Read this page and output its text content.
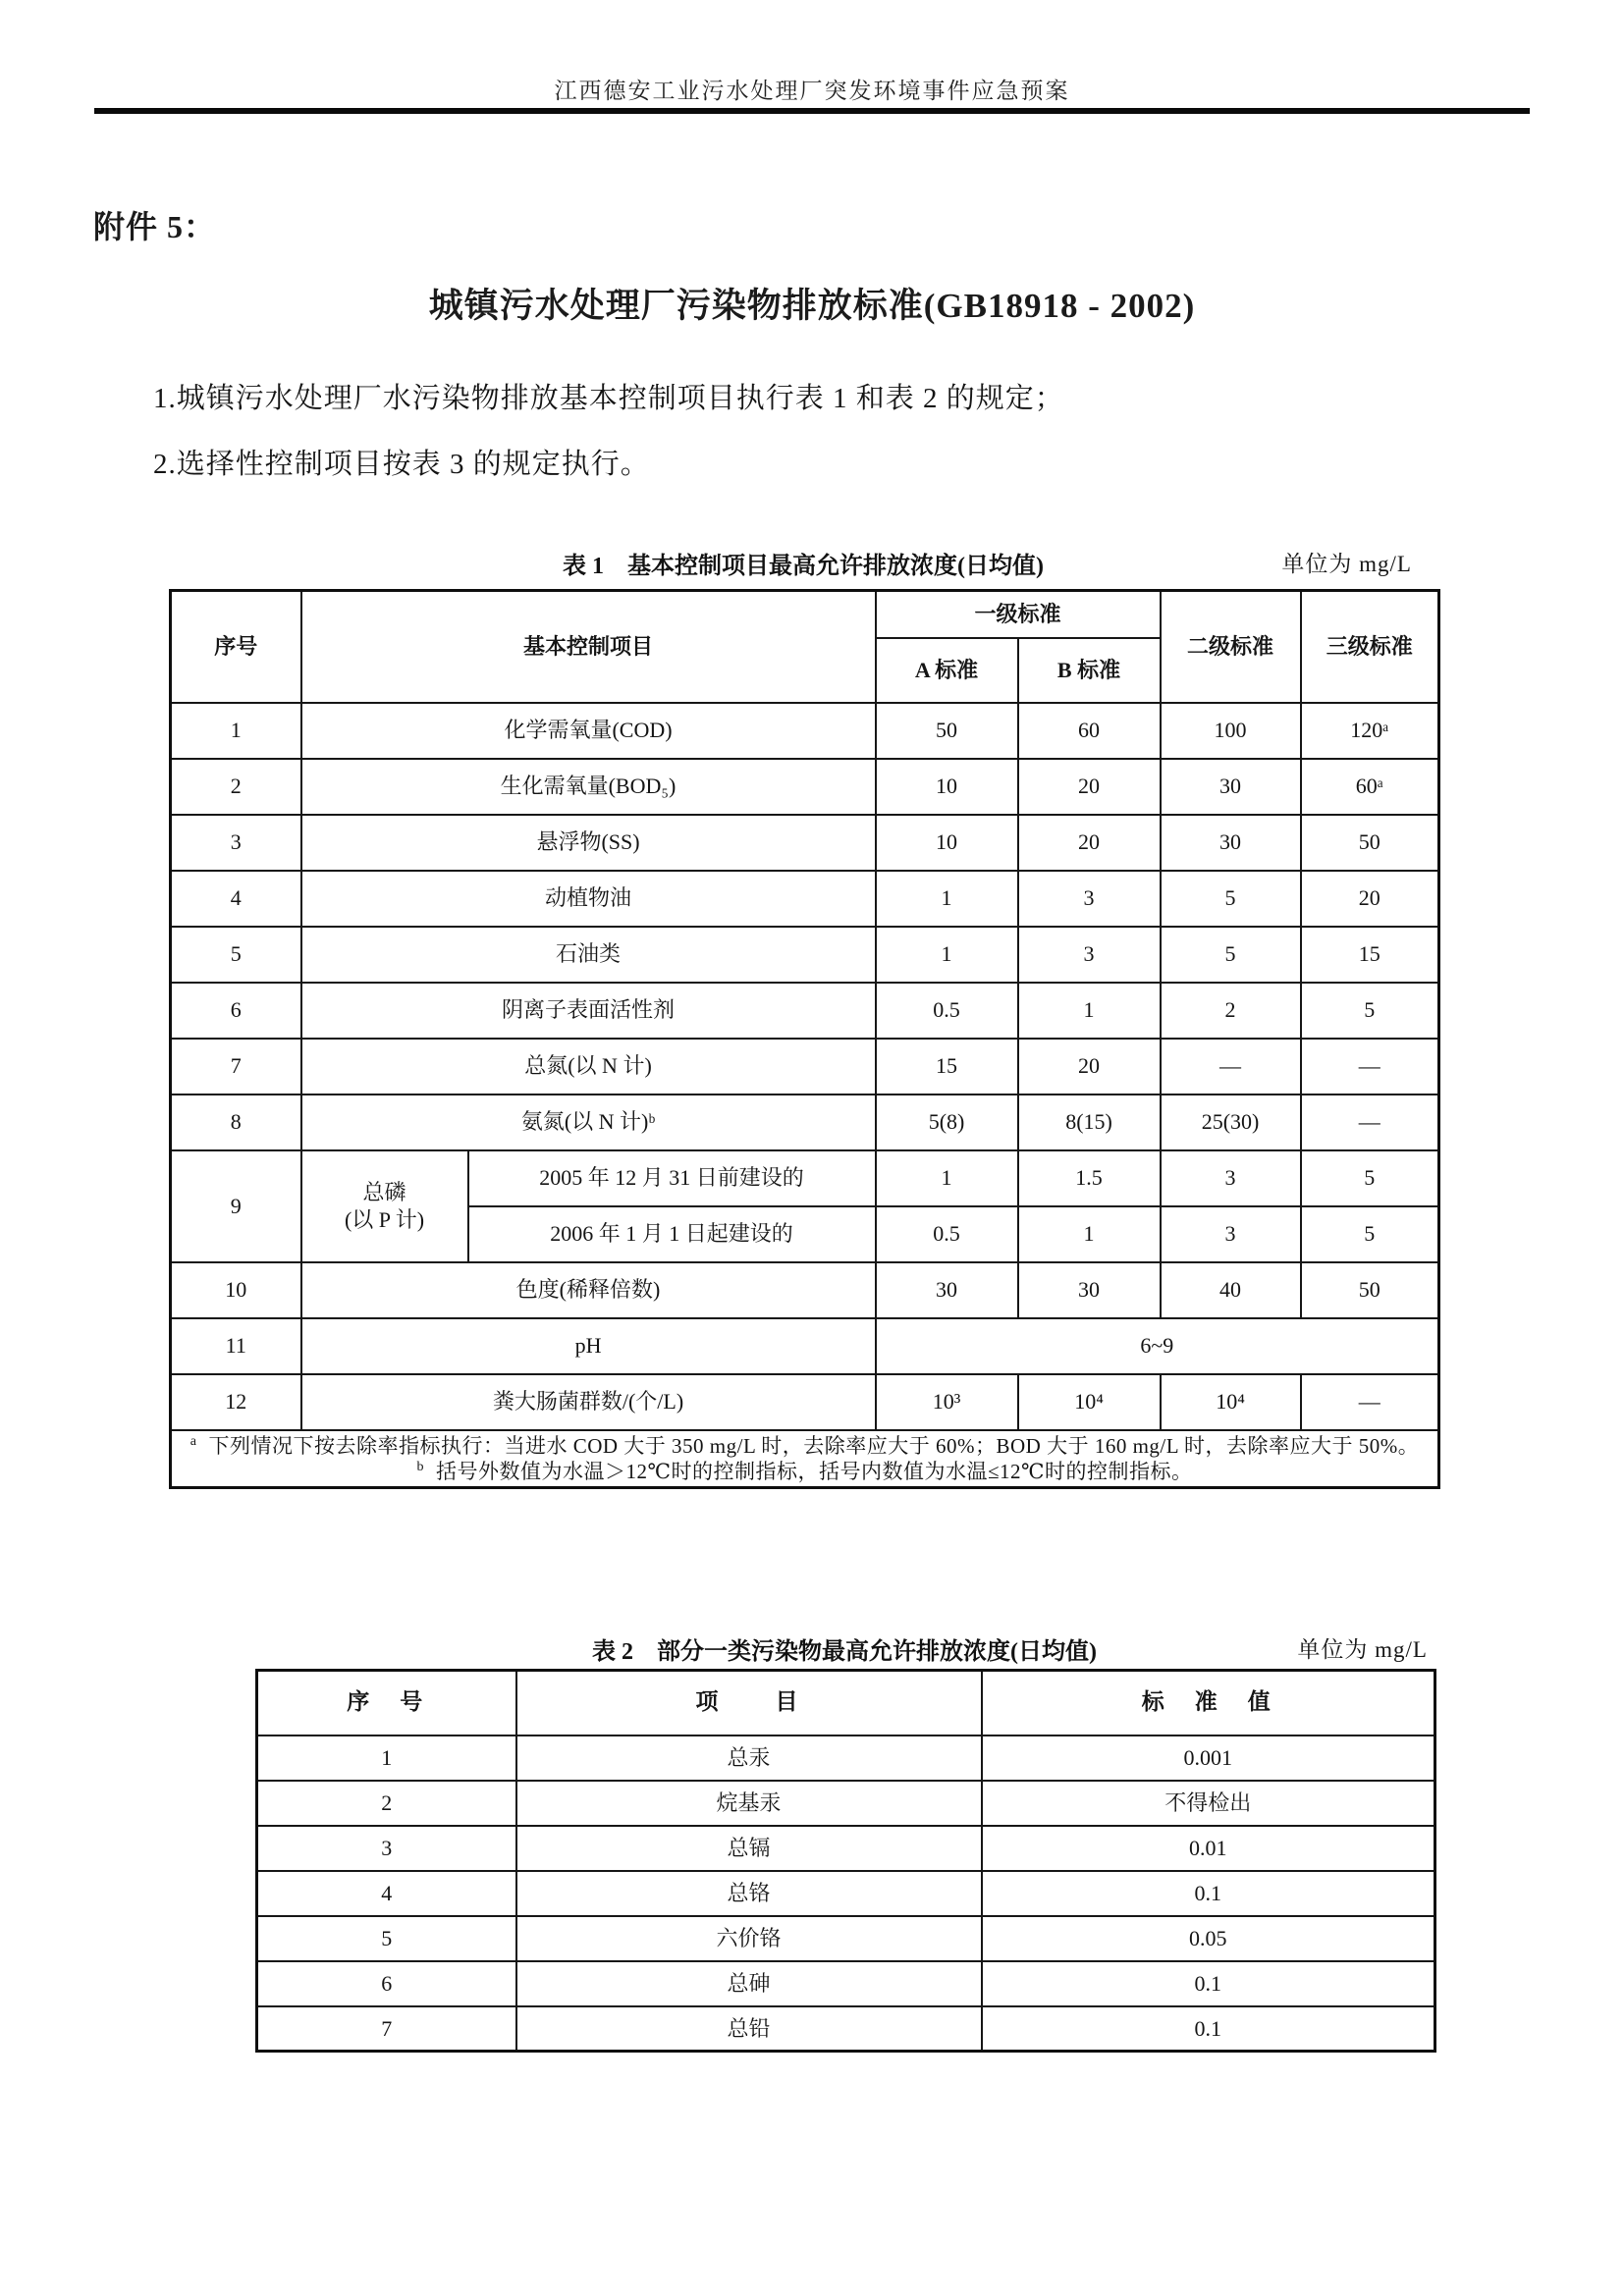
江西德安工业污水处理厂突发环境事件应急预案
附件 5：
城镇污水处理厂污染物排放标准(GB18918 - 2002)
1.城镇污水处理厂水污染物排放基本控制项目执行表 1 和表 2 的规定；
2.选择性控制项目按表 3 的规定执行。
表 1　基本控制项目最高允许排放浓度(日均值)	单位为 mg/L
序号	基本控制项目		一级标准		二级标准	三级标准
			A 标准	B 标准		
1	化学需氧量(COD)		50	60	100	120ᵃ
2	生化需氧量(BOD₅)		10	20	30	60ᵃ
3	悬浮物(SS)		10	20	30	50
4	动植物油		1	3	5	20
5	石油类		1	3	5	15
6	阴离子表面活性剂		0.5	1	2	5
7	总氮(以 N 计)		15	20	—	—
8	氨氮(以 N 计)ᵇ		5(8)	8(15)	25(30)	—
9	总磷
(以 P 计)	2005 年 12 月 31 日前建设的	1	1.5	3	5
		2006 年 1 月 1 日起建设的	0.5	1	3	5
10	色度(稀释倍数)		30	30	40	50
11	pH		6~9			
12	粪大肠菌群数/(个/L)		10³	10⁴	10⁴	—

$^a$ 下列情况下按去除率指标执行：当进水 COD 大于 350 mg/L 时，去除率应大于 60%；BOD 大于 160 mg/L 时，去除率应大于 50%。
$^b$ 括号外数值为水温＞12℃时的控制指标，括号内数值为水温≤12℃时的控制指标。						
表 2　部分一类污染物最高允许排放浓度(日均值)	单位为 mg/L
序　号	项　　目	标　准　值
1	总汞	0.001
2	烷基汞	不得检出
3	总镉	0.01
4	总铬	0.1
5	六价铬	0.05
6	总砷	0.1
7	总铅	0.1
